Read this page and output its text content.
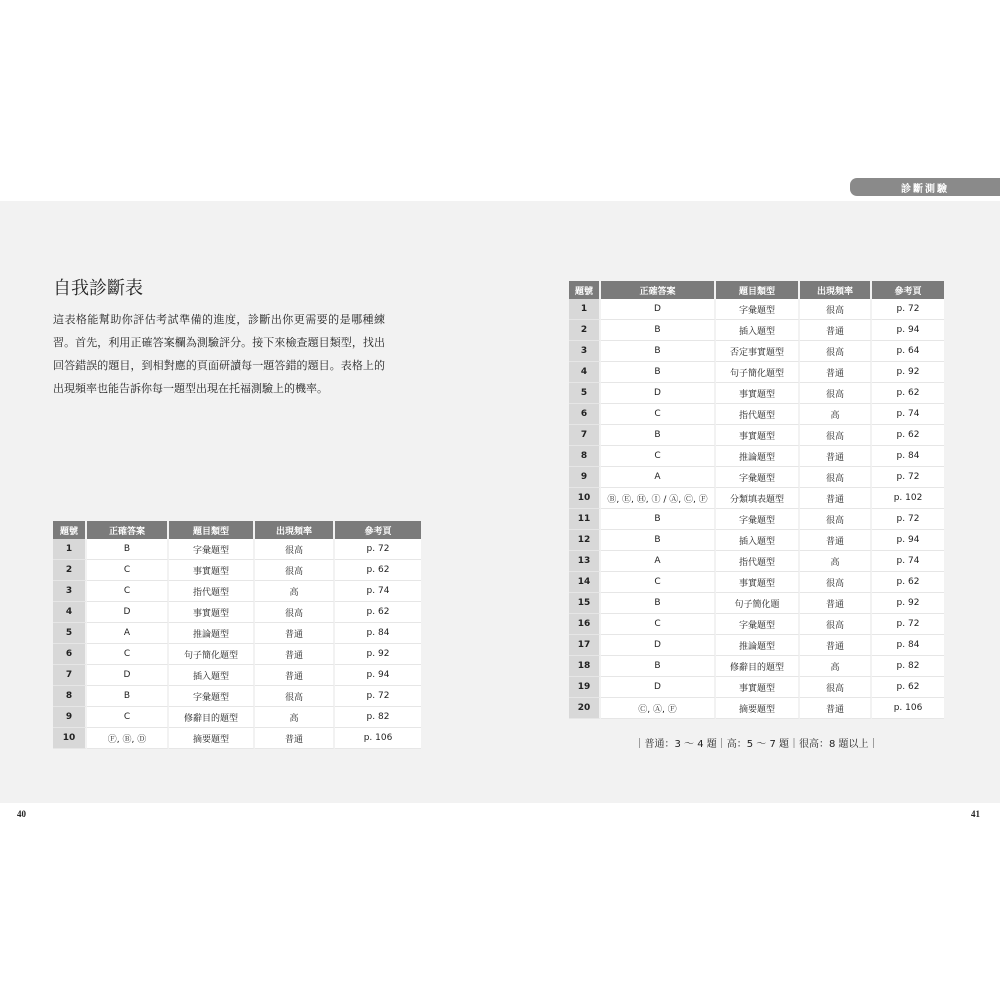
診斷測驗
自我診斷表

這表格能幫助你評估考試準備的進度，診斷出你更需要的是哪種練習。首先，利用正確答案欄為測驗評分。接下來檢查題目類型，找出回答錯誤的題目，到相對應的頁面研讀每一題答錯的題目。表格上的出現頻率也能告訴你每一題型出現在托福測驗上的機率。

題號	正確答案	題目類型	出現頻率	參考頁
1	B	字彙題型	很高	p. 72
2	C	事實題型	很高	p. 62
3	C	指代題型	高	p. 74
4	D	事實題型	很高	p. 62
5	A	推論題型	普通	p. 84
6	C	句子簡化題型	普通	p. 92
7	D	插入題型	普通	p. 94
8	B	字彙題型	很高	p. 72
9	C	修辭目的題型	高	p. 82
10	Ⓕ, Ⓑ, Ⓓ	摘要題型	普通	p. 106
題號	正確答案	題目類型	出現頻率	參考頁
1	D	字彙題型	很高	p. 72
2	B	插入題型	普通	p. 94
3	B	否定事實題型	很高	p. 64
4	B	句子簡化題型	普通	p. 92
5	D	事實題型	很高	p. 62
6	C	指代題型	高	p. 74
7	B	事實題型	很高	p. 62
8	C	推論題型	普通	p. 84
9	A	字彙題型	很高	p. 72
10	Ⓑ, Ⓔ, Ⓗ, Ⓘ / Ⓐ, Ⓒ, Ⓕ	分類填表題型	普通	p. 102
11	B	字彙題型	很高	p. 72
12	B	插入題型	普通	p. 94
13	A	指代題型	高	p. 74
14	C	事實題型	很高	p. 62
15	B	句子簡化題	普通	p. 92
16	C	字彙題型	很高	p. 72
17	D	推論題型	普通	p. 84
18	B	修辭目的題型	高	p. 82
19	D	事實題型	很高	p. 62
20	Ⓒ, Ⓐ, Ⓕ	摘要題型	普通	p. 106
｜普通：3 ～ 4 題｜高：5 ～ 7 題｜很高：8 題以上｜
40	41
